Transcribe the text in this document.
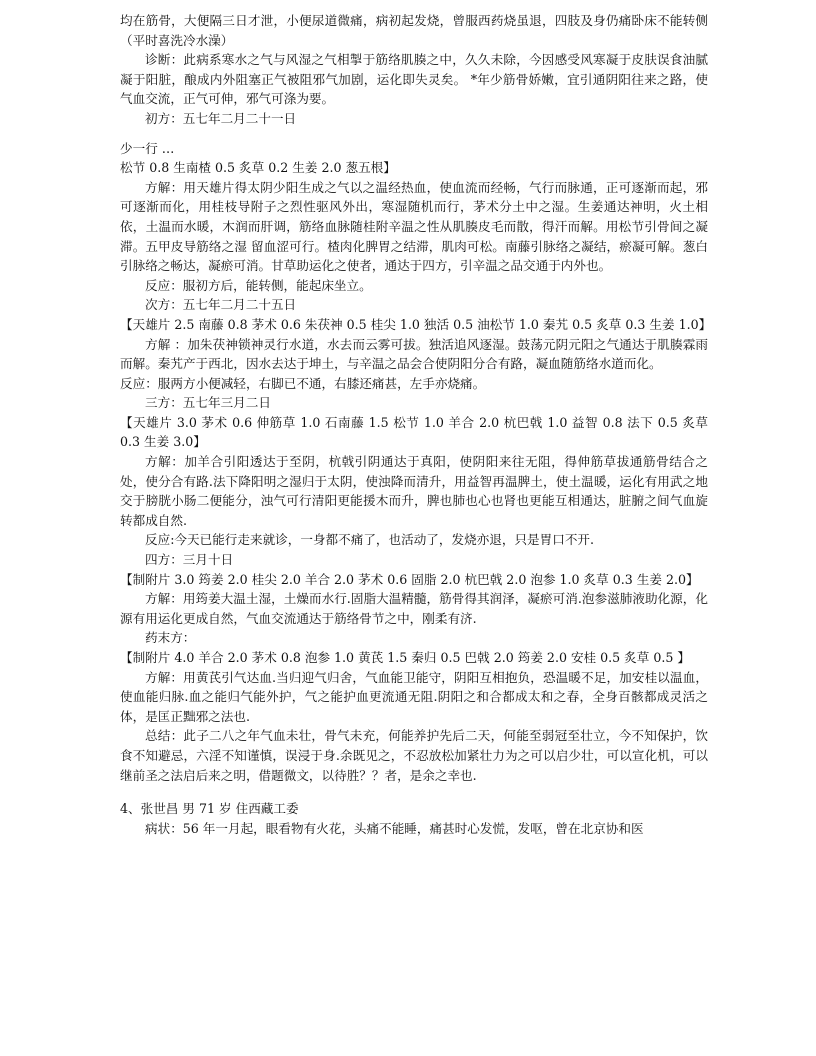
均在筋骨，大便隔三日才泄，小便尿道微痛，病初起发烧，曾服西药烧虽退，四肢及身仍痛卧床不能转侧（平时喜洗冷水澡）

诊断：此病系寒水之气与风湿之气相掣于筋络肌腠之中，久久未除，今因感受风寒凝于皮肤误食油腻凝于阳脏，酿成内外阻塞正气被阻邪气加剧，运化即失灵矣。 *年少筋骨娇嫩，宜引通阴阳往来之路，使气血交流，正气可伸，邪气可涤为要。

初方：五七年二月二十一日

少一行 …

松节 0.8 生南楂 0.5 炙草 0.2 生姜 2.0 葱五根】

方解：用天雄片得太阴少阳生成之气以之温经热血，使血流而经畅，气行而脉通，正可逐渐而起，邪可逐渐而化，用桂枝导附子之烈性驱风外出，寒湿随机而行，茅术分土中之湿。生姜通达神明，火土相依，土温而水暖，木润而肝调，筋络血脉随桂附辛温之性从肌腠皮毛而散，得汗而解。用松节引骨间之凝滞。五甲皮导筋络之湿 留血涩可行。楂肉化脾胃之结滞，肌肉可松。南藤引脉络之凝结，瘀凝可解。葱白引脉络之畅达，凝瘀可消。甘草助运化之使者，通达于四方，引辛温之品交通于内外也。

反应：服初方后，能转侧，能起床坐立。

次方：五七年二月二十五日

【天雄片 2.5 南藤 0.8 茅术 0.6 朱茯神 0.5 桂尖 1.0 独活 0.5 油松节 1.0 秦艽 0.5 炙草 0.3 生姜 1.0】

方解 ：加朱茯神锁神灵行水道，水去而云雾可拔。独活追风逐湿。鼓荡元阴元阳之气通达于肌腠霖雨而解。秦艽产于西北，因水去达于坤土，与辛温之品会合使阴阳分合有路，凝血随筋络水道而化。

反应：服两方小便减轻，右脚已不通，右膝还痛甚，左手亦烧痛。

三方：五七年三月二日

【天雄片 3.0 茅术 0.6 伸筋草 1.0 石南藤 1.5 松节 1.0 羊合 2.0 杭巴戟 1.0 益智 0.8 法下 0.5 炙草 0.3 生姜 3.0】

方解：加羊合引阳透达于至阴，杭戟引阴通达于真阳，使阴阳来往无阻，得伸筋草拔通筋骨结合之处，使分合有路.法下降阳明之湿归于太阴，使浊降而清升，用益智再温脾土，使土温暖，运化有用武之地交于膀胱小肠二便能分，浊气可行清阳更能援木而升，脾也肺也心也肾也更能互相通达，脏腑之间气血旋转都成自然.

反应:今天已能行走来就诊，一身都不痛了，也活动了，发烧亦退，只是胃口不开.

四方：三月十日

【制附片 3.0 筠姜 2.0 桂尖 2.0 羊合 2.0 茅术 0.6 固脂 2.0 杭巴戟 2.0 泡参 1.0 炙草 0.3 生姜 2.0】

方解：用筠姜大温土湿，土燥而水行.固脂大温精髓，筋骨得其润泽，凝瘀可消.泡参滋肺液助化源，化源有用运化更成自然，气血交流通达于筋络骨节之中，刚柔有济.

药末方：

【制附片 4.0 羊合 2.0 茅术 0.8 泡参 1.0 黄芪 1.5 秦归 0.5 巴戟 2.0 筠姜 2.0 安桂 0.5 炙草 0.5 】

方解：用黄芪引气达血.当归迎气归舍，气血能卫能守，阴阳互相抱负，恐温暖不足，加安桂以温血，使血能归脉.血之能归气能外护，气之能护血更流通无阻.阴阳之和合都成太和之春，全身百骸都成灵活之体，是匡正黜邪之法也.

总结：此子二八之年气血未壮，骨气未充，何能养护先后二天，何能至弱冠至壮立，今不知保护，饮食不知避忌，六淫不知谨慎，误浸于身.余既见之，不忍放松加紧壮力为之可以启少壮，可以宣化机，可以继前圣之法启后来之明，借题微文，以待胜？？者，是余之幸也.

4、张世昌 男 71 岁 住西藏工委

病状：56 年一月起，眼看物有火花，头痛不能睡，痛甚时心发慌，发呕，曾在北京协和医
